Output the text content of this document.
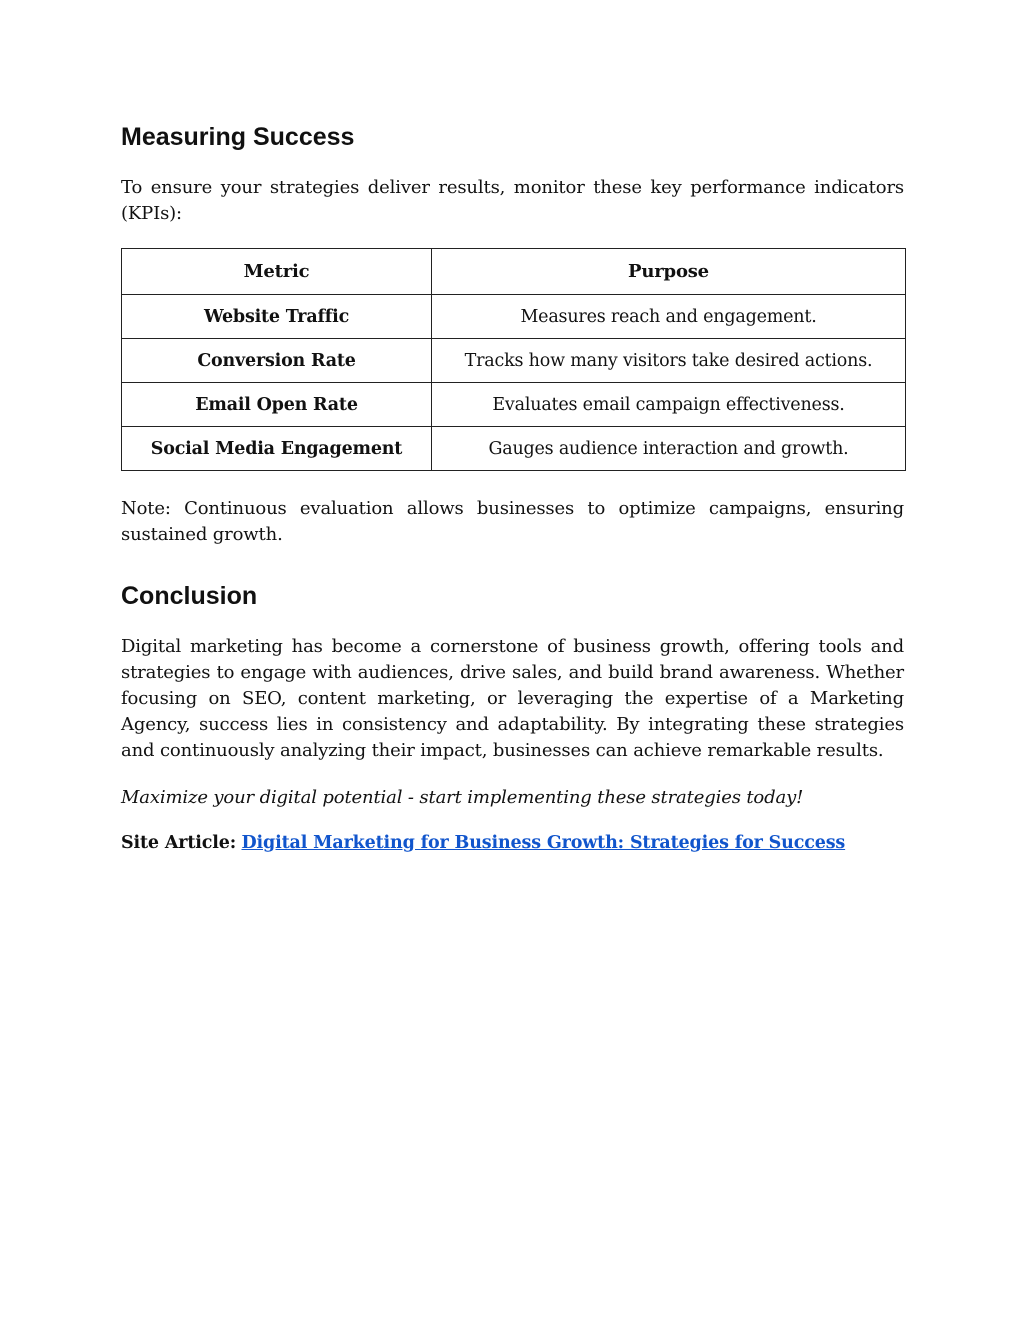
Measuring Success

To ensure your strategies deliver results, monitor these key performance indicators (KPIs):

Metric	Purpose
Website Traffic	Measures reach and engagement.
Conversion Rate	Tracks how many visitors take desired actions.
Email Open Rate	Evaluates email campaign effectiveness.
Social Media Engagement	Gauges audience interaction and growth.

Note: Continuous evaluation allows businesses to optimize campaigns, ensuring sustained growth.

Conclusion

Digital marketing has become a cornerstone of business growth, offering tools and strategies to engage with audiences, drive sales, and build brand awareness. Whether focusing on SEO, content marketing, or leveraging the expertise of a Marketing Agency, success lies in consistency and adaptability. By integrating these strategies and continuously analyzing their impact, businesses can achieve remarkable results.

Maximize your digital potential - start implementing these strategies today!

Site Article: Digital Marketing for Business Growth: Strategies for Success
